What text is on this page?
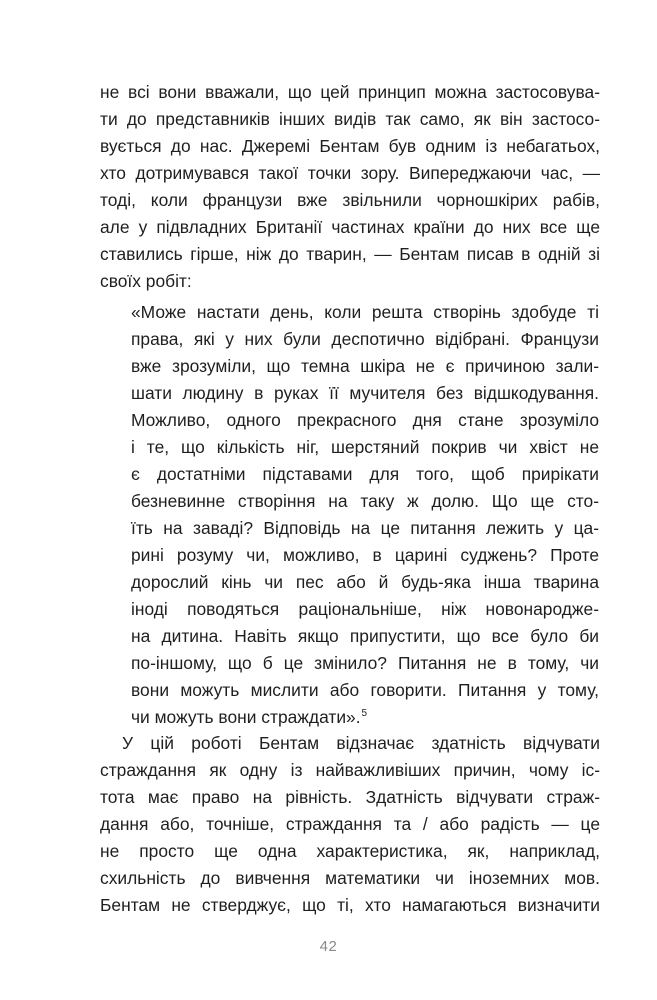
не всі вони вважали, що цей принцип можна застосовува-
ти до представників інших видів так само, як він застосо-
вується до нас. Джеремі Бентам був одним із небагатьох,
хто дотримувався такої точки зору. Випереджаючи час, —
тоді, коли французи вже звільнили чорношкірих рабів,
але у підвладних Британії частинах країни до них все ще
ставились гірше, ніж до тварин, — Бентам писав в одній зі
своїх робіт:
«Може настати день, коли решта створінь здобуде ті
права, які у них були деспотично відібрані. Французи
вже зрозуміли, що темна шкіра не є причиною зали-
шати людину в руках її мучителя без відшкодування.
Можливо, одного прекрасного дня стане зрозуміло
і те, що кількість ніг, шерстяний покрив чи хвіст не
є достатніми підставами для того, щоб прирікати
безневинне створіння на таку ж долю. Що ще сто-
їть на заваді? Відповідь на це питання лежить у ца-
рині розуму чи, можливо, в царині суджень? Проте
дорослий кінь чи пес або й будь-яка інша тварина
іноді поводяться раціональніше, ніж новонародже-
на дитина. Навіть якщо припустити, що все було би
по-іншому, що б це змінило? Питання не в тому, чи
вони можуть мислити або говорити. Питання у тому,
чи можуть вони страждати».$^5$
У цій роботі Бентам відзначає здатність відчувати
страждання як одну із найважливіших причин, чому іс-
тота має право на рівність. Здатність відчувати страж-
дання або, точніше, страждання та / або радість — це
не просто ще одна характеристика, як, наприклад,
схильність до вивчення математики чи іноземних мов.
Бентам не стверджує, що ті, хто намагаються визначити
42
